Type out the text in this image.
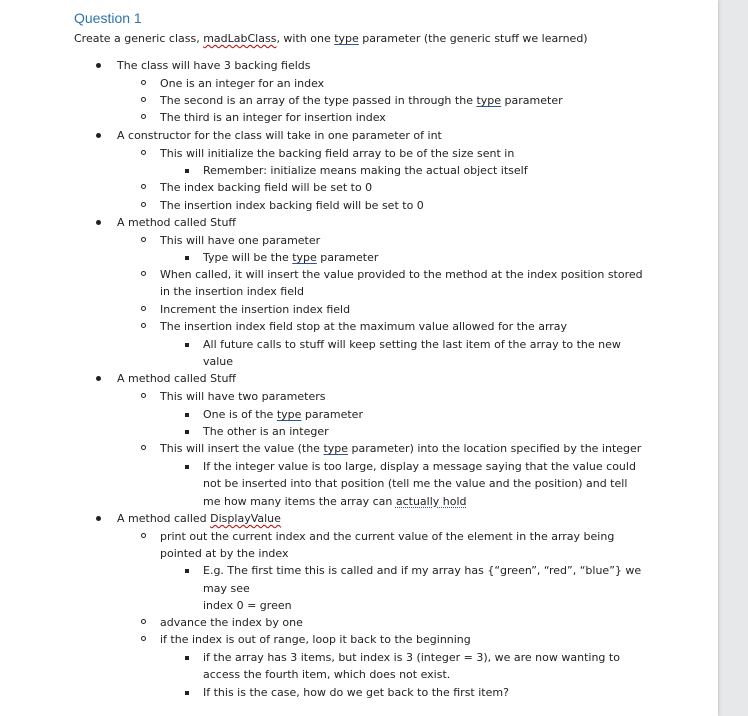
Question 1
Create a generic class, madLabClass, with one type parameter (the generic stuff we learned)
The class will have 3 backing fields
One is an integer for an index
The second is an array of the type passed in through the type parameter
The third is an integer for insertion index
A constructor for the class will take in one parameter of int
This will initialize the backing field array to be of the size sent in
Remember: initialize means making the actual object itself
The index backing field will be set to 0
The insertion index backing field will be set to 0
A method called Stuff
This will have one parameter
Type will be the type parameter
When called, it will insert the value provided to the method at the index position stored
in the insertion index field
Increment the insertion index field
The insertion index field stop at the maximum value allowed for the array
All future calls to stuff will keep setting the last item of the array to the new
value
A method called Stuff
This will have two parameters
One is of the type parameter
The other is an integer
This will insert the value (the type parameter) into the location specified by the integer
If the integer value is too large, display a message saying that the value could
not be inserted into that position (tell me the value and the position) and tell
me how many items the array can actually hold
A method called DisplayValue
print out the current index and the current value of the element in the array being
pointed at by the index
E.g. The first time this is called and if my array has {“green”, “red”, “blue”} we
may see
index 0 = green
advance the index by one
if the index is out of range, loop it back to the beginning
if the array has 3 items, but index is 3 (integer = 3), we are now wanting to
access the fourth item, which does not exist.
If this is the case, how do we get back to the first item?
